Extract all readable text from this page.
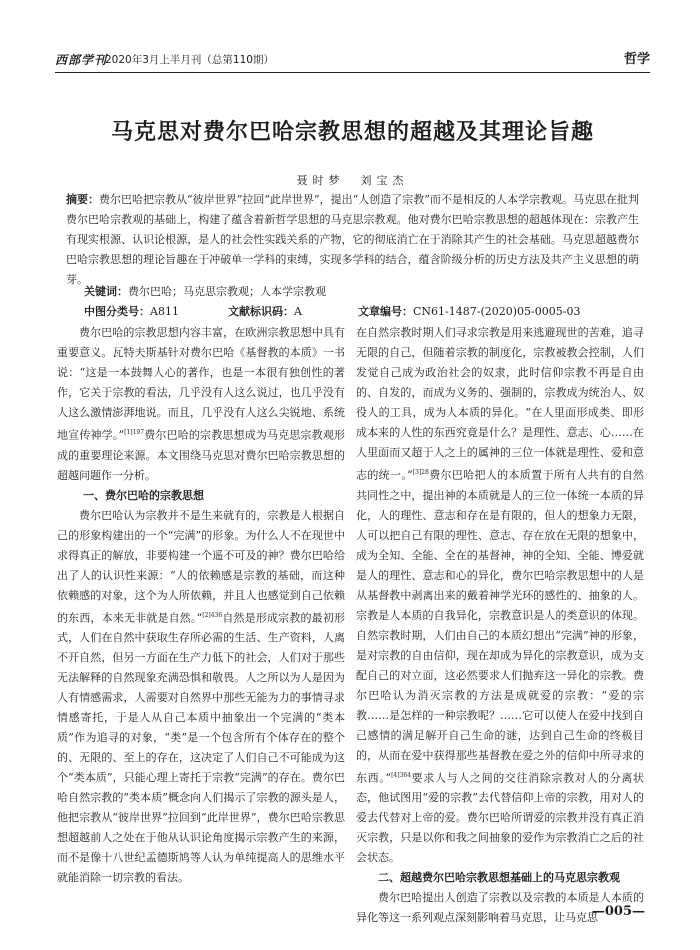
西部学刊
2020年3月上半月刊（总第110期）	哲学
马克思对费尔巴哈宗教思想的超越及其理论旨趣
聂时梦　刘宝杰

摘要：费尔巴哈把宗教从“彼岸世界”拉回“此岸世界”，提出“人创造了宗教”而不是相反的人本学宗教观。马克思在批判费尔巴哈宗教观的基础上，构建了蕴含着新哲学思想的马克思宗教观。他对费尔巴哈宗教思想的超越体现在：宗教产生有现实根源、认识论根源，是人的社会性实践关系的产物，它的彻底消亡在于消除其产生的社会基础。马克思超越费尔巴哈宗教思想的理论旨趣在于冲破单一学科的束缚，实现多学科的结合，蕴含阶级分析的历史方法及共产主义思想的萌芽。

关键词：费尔巴哈；马克思宗教观；人本学宗教观
中图分类号：A811	文献标识码：A	文章编号：CN61-1487-(2020)05-0005-03

费尔巴哈的宗教思想内容丰富，在欧洲宗教思想中具有重要意义。瓦特夫斯基针对费尔巴哈《基督教的本质》一书说：“这是一本鼓舞人心的著作，也是一本很有独创性的著作，它关于宗教的看法，几乎没有人这么说过，也几乎没有人这么激情澎湃地说。而且，几乎没有人这么尖锐地、系统地宣传神学。”$^{[1]197}$费尔巴哈的宗教思想成为马克思宗教观形成的重要理论来源。本文围绕马克思对费尔巴哈宗教思想的超越问题作一分析。

一、费尔巴哈的宗教思想

费尔巴哈认为宗教并不是生来就有的，宗教是人根据自己的形象构建出的一个“完满”的形象。为什么人不在现世中求得真正的解放，非要构建一个遥不可及的神？费尔巴哈给出了人的认识性来源：“人的依赖感是宗教的基础，而这种依赖感的对象，这个为人所依赖，并且人也感觉到自己依赖的东西，本来无非就是自然。”$^{[2]436}$自然是形成宗教的最初形式，人们在自然中获取生存所必需的生活、生产资料，人离不开自然，但另一方面在生产力低下的社会，人们对于那些无法解释的自然现象充满恐惧和敬畏。人之所以为人是因为人有情感需求，人需要对自然界中那些无能为力的事情寻求情感寄托，于是人从自己本质中抽象出一个完满的“类本质”作为追寻的对象，“类”是一个包含所有个体存在的整个的、无限的、至上的存在，这决定了人们自己不可能成为这个“类本质”，只能心理上寄托于宗教“完满”的存在。费尔巴哈自然宗教的“类本质”概念向人们揭示了宗教的源头是人，他把宗教从“彼岸世界”拉回到“此岸世界”，费尔巴哈宗教思想超越前人之处在于他从认识论角度揭示宗教产生的来源，而不是像十八世纪孟德斯鸠等人认为单纯提高人的思维水平就能消除一切宗教的看法。

在自然宗教时期人们寻求宗教是用来逃避现世的苦难，追寻无限的自己，但随着宗教的制度化，宗教被教会控制，人们发觉自己成为政治社会的奴隶，此时信仰宗教不再是自由的、自发的，而成为义务的、强制的，宗教成为统治人、奴役人的工具，成为人本质的异化。“在人里面形成类、即形成本来的人性的东西究竟是什么？是理性、意志、心……在人里面而又超于人之上的属神的三位一体就是理性、爱和意志的统一。”$^{[3]28}$费尔巴哈把人的本质置于所有人共有的自然共同性之中，提出神的本质就是人的三位一体统一本质的异化，人的理性、意志和存在是有限的，但人的想象力无限，人可以把自己有限的理性、意志、存在放在无限的想象中，成为全知、全能、全在的基督神，神的全知、全能、博爱就是人的理性、意志和心的异化，费尔巴哈宗教思想中的人是从基督教中剥离出来的戴着神学光环的感性的、抽象的人。宗教是人本质的自我异化，宗教意识是人的类意识的体现。自然宗教时期，人们由自己的本质幻想出“完满”神的形象，是对宗教的自由信仰，现在却成为异化的宗教意识，成为支配自己的对立面，这必然要求人们抛弃这一异化的宗教。费尔巴哈认为消灭宗教的方法是成就爱的宗教：“爱的宗教……是怎样的一种宗教呢？……它可以使人在爱中找到自己感情的满足解开自己生命的谜，达到自己生命的终极目的，从而在爱中获得那些基督教在爱之外的信仰中所寻求的东西。”$^{[4]364}$要求人与人之间的交往消除宗教对人的分离状态，他试图用“爱的宗教”去代替信仰上帝的宗教，用对人的爱去代替对上帝的爱。费尔巴哈所谓爱的宗教并没有真正消灭宗教，只是以你和我之间抽象的爱作为宗教消亡之后的社会状态。

二、超越费尔巴哈宗教思想基础上的马克思宗教观

费尔巴哈提出人创造了宗教以及宗教的本质是人本质的异化等这一系列观点深刻影响着马克思，让马克思

—005—
